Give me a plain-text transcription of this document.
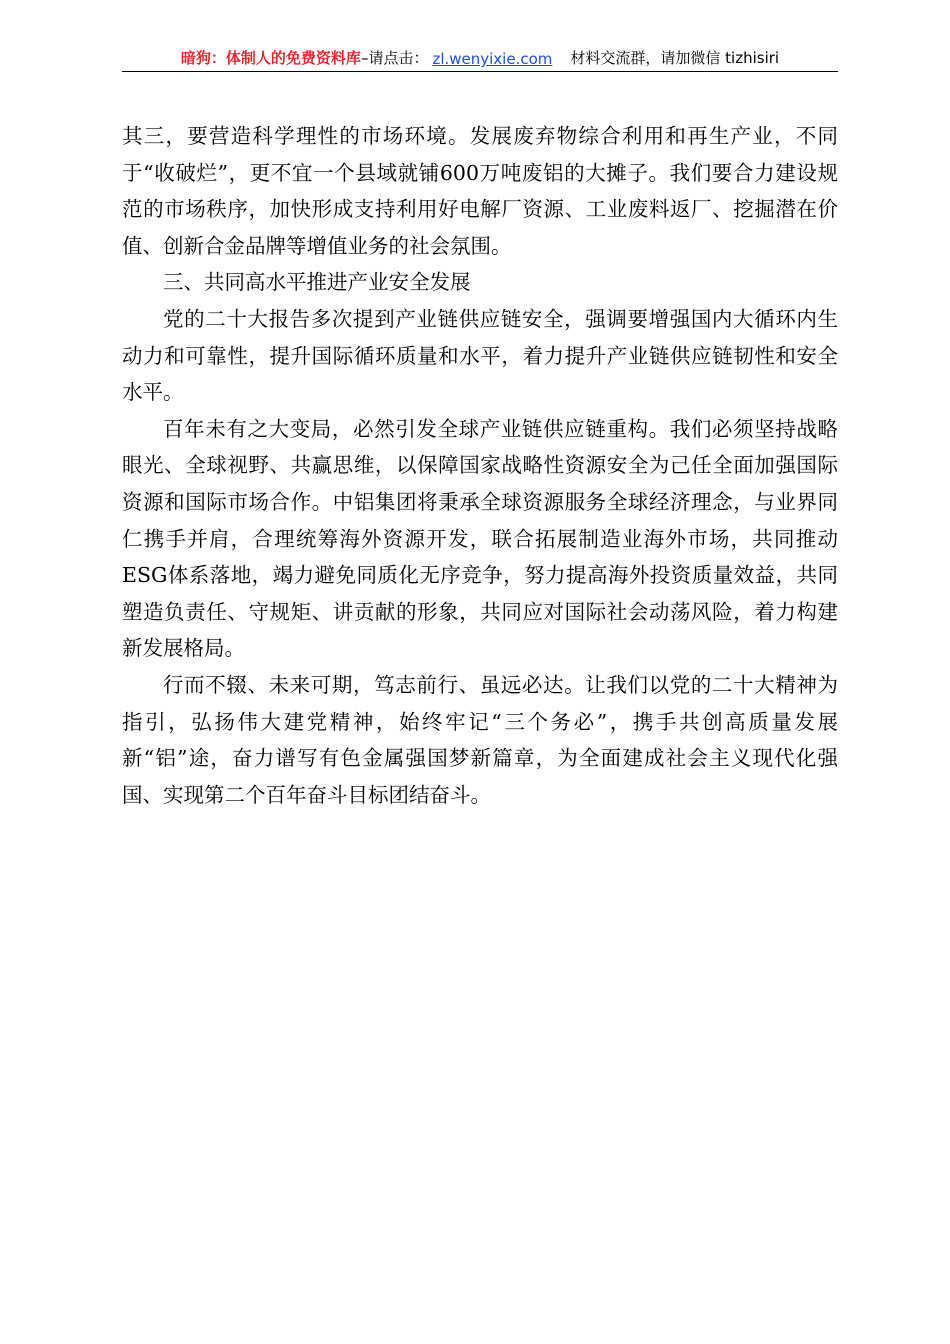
暗狗：体制人的免费资料库 –请点击： zl.wenyixie.com 材料交流群，请加微信 tizhisiri

其三，要营造科学理性的市场环境。发展废弃物综合利用和再生产业，不同于“收破烂”，更不宜一个县域就铺600万吨废铝的大摊子。我们要合力建设规范的市场秩序，加快形成支持利用好电解厂资源、工业废料返厂、挖掘潜在价值、创新合金品牌等增值业务的社会氛围。

三、共同高水平推进产业安全发展

党的二十大报告多次提到产业链供应链安全，强调要增强国内大循环内生动力和可靠性，提升国际循环质量和水平，着力提升产业链供应链韧性和安全水平。

百年未有之大变局，必然引发全球产业链供应链重构。我们必须坚持战略眼光、全球视野、共赢思维，以保障国家战略性资源安全为己任全面加强国际资源和国际市场合作。中铝集团将秉承全球资源服务全球经济理念，与业界同仁携手并肩，合理统筹海外资源开发，联合拓展制造业海外市场，共同推动ESG体系落地，竭力避免同质化无序竞争，努力提高海外投资质量效益，共同塑造负责任、守规矩、讲贡献的形象，共同应对国际社会动荡风险，着力构建新发展格局。

行而不辍、未来可期，笃志前行、虽远必达。让我们以党的二十大精神为指引，弘扬伟大建党精神，始终牢记“三个务必”，携手共创高质量发展新“铝”途，奋力谱写有色金属强国梦新篇章，为全面建成社会主义现代化强国、实现第二个百年奋斗目标团结奋斗。
